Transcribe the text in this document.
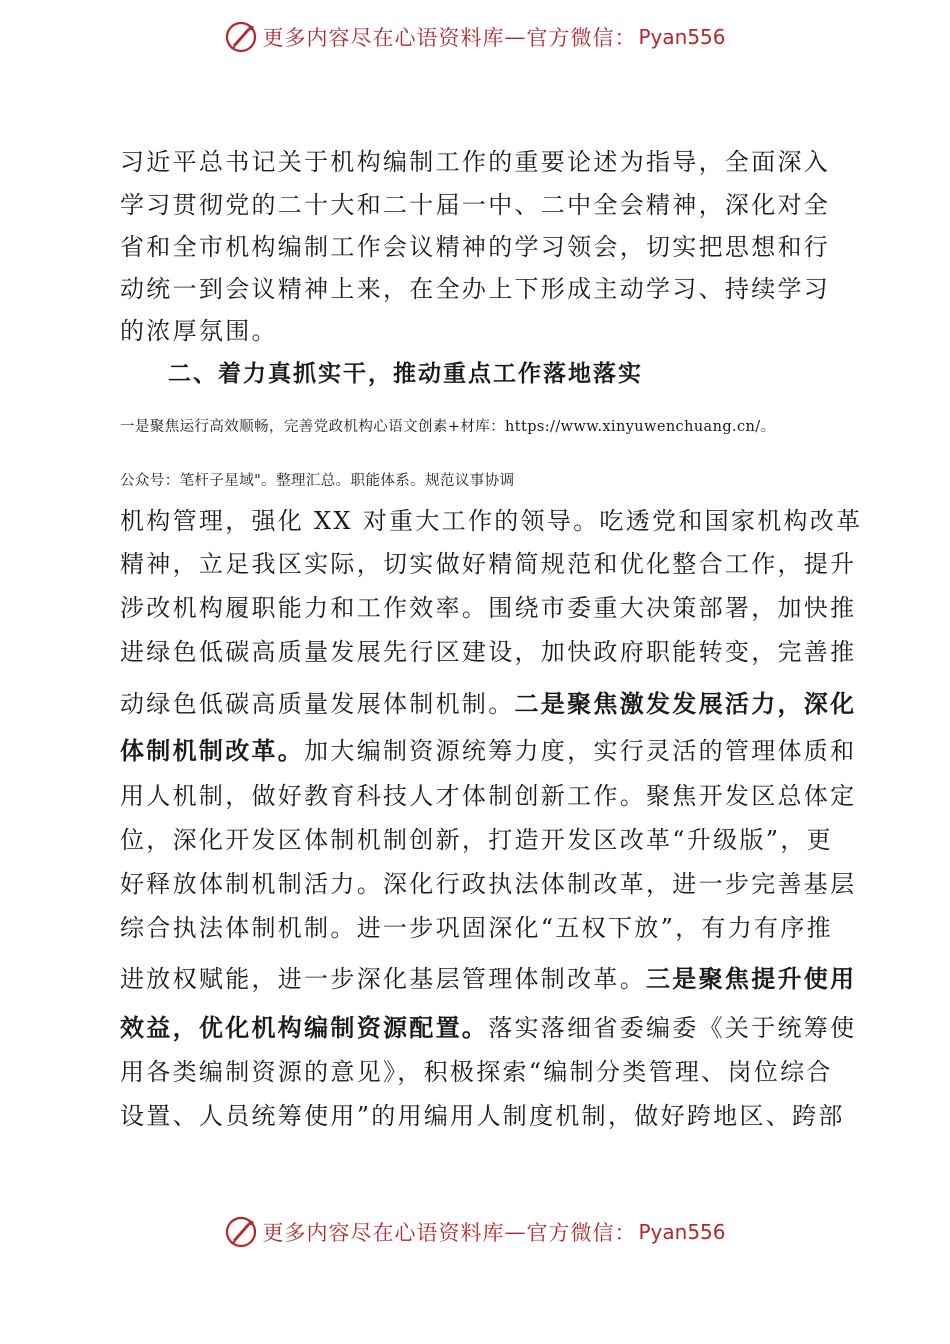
更多内容尽在心语资料库 — 官方微信： Pyan556
习近平总书记关于机构编制工作的重要论述为指导，全面深入
学习贯彻党的二十大和二十届一中、二中全会精神，深化对全
省和全市机构编制工作会议精神的学习领会，切实把思想和行
动统一到会议精神上来，在全办上下形成主动学习、持续学习
的浓厚氛围。
二、着力真抓实干，推动重点工作落地落实
一是聚焦运行高效顺畅，完善党政机构心语文创素+材库：https://www.xinyuwenchuang.cn/。
公众号：笔杆子星域"。整理汇总。职能体系。规范议事协调
机构管理，强化 XX 对重大工作的领导。吃透党和国家机构改革
精神，立足我区实际，切实做好精简规范和优化整合工作，提升
涉改机构履职能力和工作效率。围绕市委重大决策部署，加快推
进绿色低碳高质量发展先行区建设，加快政府职能转变，完善推
动绿色低碳高质量发展体制机制。二是聚焦激发发展活力，深化
体制机制改革。加大编制资源统筹力度，实行灵活的管理体质和
用人机制，做好教育科技人才体制创新工作。聚焦开发区总体定
位，深化开发区体制机制创新，打造开发区改革“升级版”，更
好释放体制机制活力。深化行政执法体制改革，进一步完善基层
综合执法体制机制。进一步巩固深化“五权下放”，有力有序推
进放权赋能，进一步深化基层管理体制改革。三是聚焦提升使用
效益，优化机构编制资源配置。落实落细省委编委《关于统筹使
用各类编制资源的意见》，积极探索“编制分类管理、岗位综合
设置、人员统筹使用”的用编用人制度机制，做好跨地区、跨部
更多内容尽在心语资料库 — 官方微信： Pyan556
